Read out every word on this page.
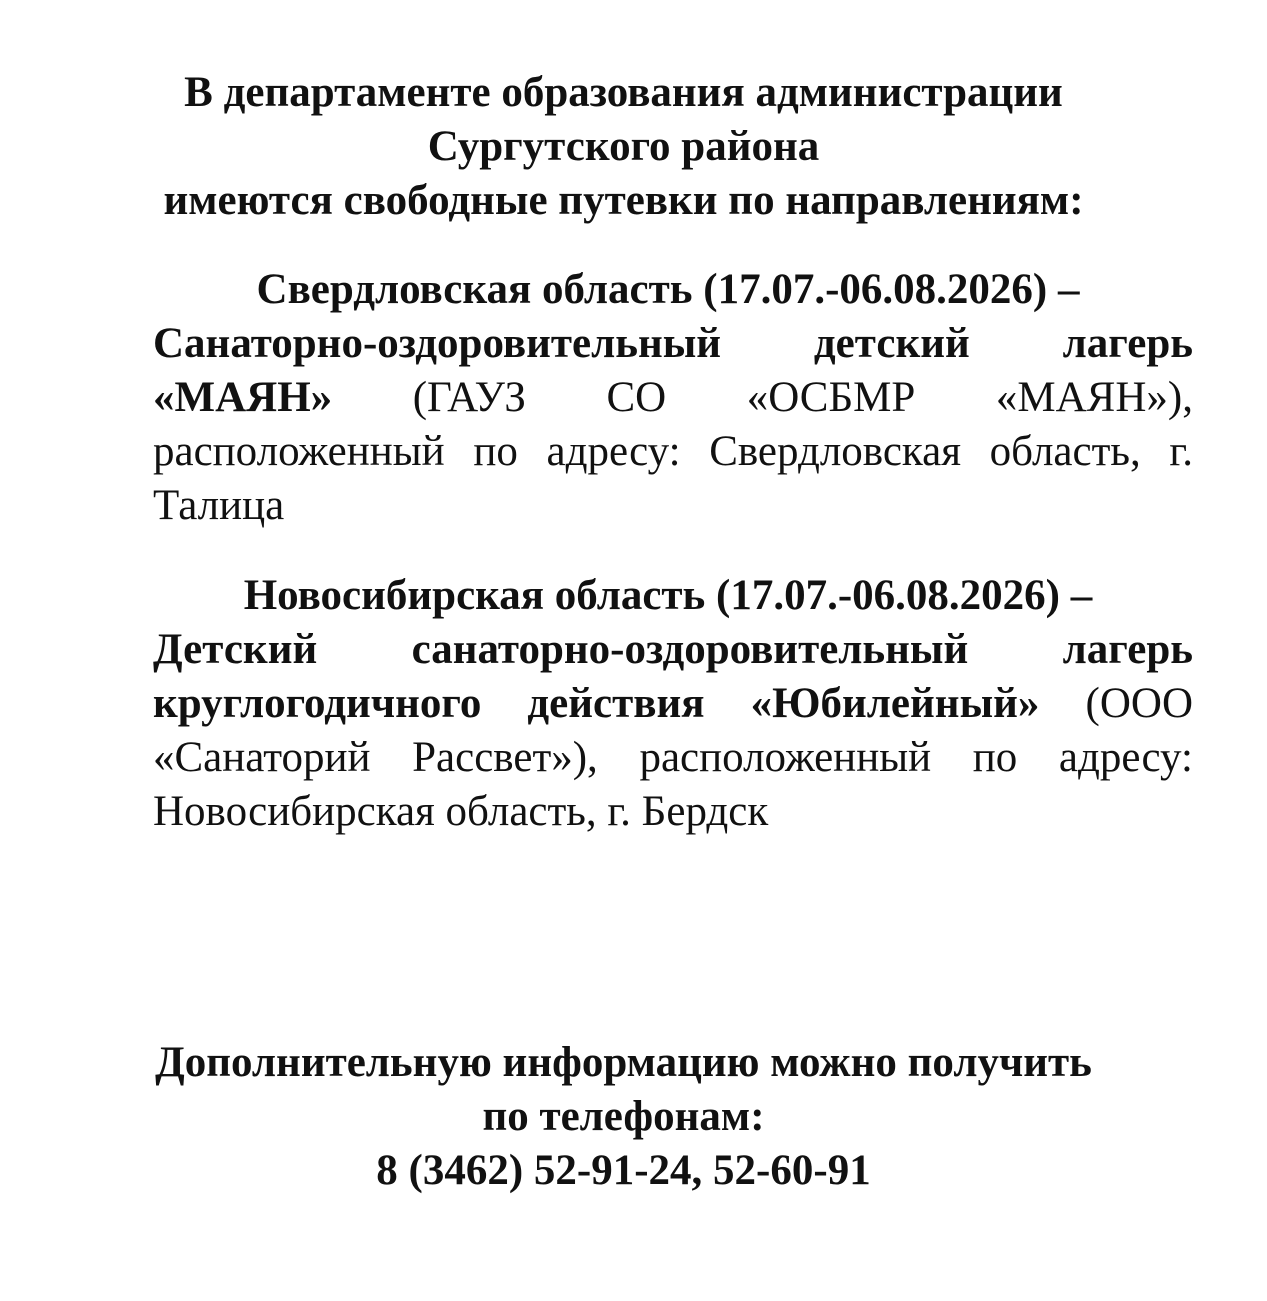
В департаменте образования администрации
Сургутского района
имеются свободные путевки по направлениям:
Свердловская область (17.07.-06.08.2026) –
Санаторно-оздоровительный детский лагерь
«МАЯН» (ГАУЗ СО «ОСБМР «МАЯН»),
расположенный по адресу: Свердловская область, г.
Талица
Новосибирская область (17.07.-06.08.2026) –
Детский санаторно-оздоровительный лагерь
круглогодичного действия «Юбилейный» (ООО
«Санаторий Рассвет»), расположенный по адресу:
Новосибирская область, г. Бердск
Дополнительную информацию можно получить
по телефонам:
8 (3462) 52-91-24, 52-60-91
